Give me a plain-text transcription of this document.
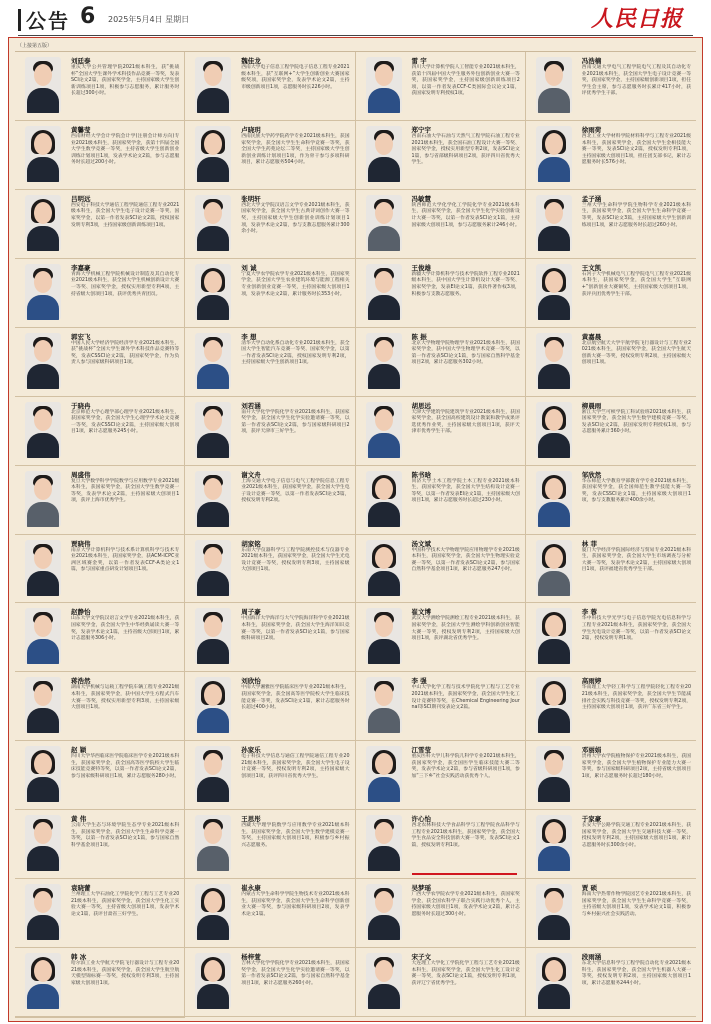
公告 6 2025年5月4日 星期日	人民日报
（上接第五版）
刘廷泰
重庆大学公共管理学院2021级本科生，获“挑战杯”全国大学生课外学术科技作品竞赛一等奖，发表SCI论文2篇，获国家奖学金，主持国家级大学生创新训练项目1项，积极参与志愿服务，累计服务时长超过300小时。
魏佳龙
西南大学电子信息工程学院电子信息工程专业2021级本科生，获“互联网+”大学生创新创业大赛国家级奖项，获国家奖学金，发表学术论文2篇，主持市级创新项目1项，志愿服务时长226小时。
雷 宇
四川大学计算机学院人工智能专业2021级本科生，获第十四届中国大学生服务外包创新创业大赛一等奖，获国家奖学金，主持国家级创新训练项目2项，以第一作者发表CCF-C类国际会议论文1篇，获国家发明专利授权1项。
冯浩楠
西南交通大学电气工程学院电气工程及其自动化专业2021级本科生，获全国大学生电子设计竞赛一等奖，获国家奖学金，主持国家级创新项目1项，担任学生会主席，参与志愿服务时长累计417小时，获评优秀学生干部。
黄馨莹
西南财经大学会计学院会计学(注册会计师方向)专业2021级本科生，获国家奖学金，获第十四届全国大学生数学竞赛一等奖，主持省级大学生创新创业训练计划项目1项，发表学术论文2篇，参与志愿服务时长超过200小时。
卢晓玥
西南民族大学药学院药学专业2021级本科生，获国家奖学金，获全国大学生生命科学竞赛一等奖，获全国大学生药苑论坛二等奖，主持国家级大学生创新创业训练计划项目1项，作为骨干参与多项科研项目，累计志愿服务504小时。
郑宁宇
西南石油大学石油与天然气工程学院石油工程专业2021级本科生，获全国石油工程设计大赛一等奖、国家奖学金，授权实用新型专利2项，发表SCI论文1篇，参与省部级科研项目2项，获评四川省优秀大学生。
徐雨荷
西北工业大学材料学院材料科学与工程专业2021级本科生，获国家奖学金，获全国大学生金相技能大赛一等奖，发表SCI论文2篇，授权发明专利1项，主持国家级大创项目1项，担任团支部书记，累计志愿服务时长576小时。
吕明远
西安电子科技大学通信工程学院通信工程专业2021级本科生，获全国大学生电子设计竞赛一等奖、国家奖学金，以第一作者发表SCI论文2篇，授权国家发明专利3项，主持国家级创新训练项目1项。
张明轩
西北大学文学院汉语言文学专业2021级本科生，获国家奖学金，获全国大学生古典诗词创作大赛一等奖，主持国家级大学生创新创业训练计划项目1项，发表学术论文2篇，参与支教志愿服务累计300余小时。
冯敏慧
陕西师范大学化学化工学院化学专业2021级本科生，获国家奖学金，获全国大学生化学实验创新设计大赛一等奖，以第一作者发表SCI论文1篇，主持国家级大创项目1项，参与志愿服务累计246小时。
孟子涵
兰州大学生命科学学院生物科学专业2021级本科生，获国家奖学金，获全国大学生生命科学竞赛一等奖，发表SCI论文3篇，主持国家级大学生创新训练项目1项，累计志愿服务时长超过260小时。
李嘉豪
青海大学机械工程学院机械设计制造及其自动化专业2021级本科生，获全国大学生机械创新设计大赛一等奖、国家奖学金，授权实用新型专利4项，主持省级大创项目1项，获评优秀共青团员。
刘 诚
宁夏大学农学院农学专业2021级本科生，获国家奖学金，获全国大学生农业建筑环境与能源工程相关专业创新创业竞赛一等奖，主持国家级大创项目1项，发表学术论文2篇，累计服务时长353小时。
王俊雄
新疆大学计算机科学与技术学院软件工程专业2021级本科生，获中国大学生计算机设计大赛一等奖、国家奖学金，发表EI论文1篇，获软件著作权3项，积极参与支教志愿服务。
王文凯
石河子大学机械电气工程学院电气工程专业2021级本科生，获国家奖学金，获全国大学生“互联网+”创新创业大赛铜奖，主持国家级大创项目1项，获评兵团优秀学生干部。
郭宏飞
中国人民大学经济学院经济学专业2021级本科生，获“挑战杯”全国大学生课外学术科技作品竞赛特等奖，发表CSSCI论文2篇，获国家奖学金，作为负责人参与国家级科研项目1项。
李 想
清华大学自动化系自动化专业2021级本科生，获全国大学生智能汽车竞赛一等奖、国家奖学金，以第一作者发表SCI论文2篇，授权国家发明专利2项，主持国家级大学生创新项目1项。
陈 振
北京大学物理学院物理学专业2021级本科生，获国家奖学金，获中国大学生物理学术竞赛一等奖，以第一作者发表SCI论文1篇，参与国家自然科学基金项目2项，累计志愿服务302小时。
黄嘉晨
北京航空航天大学宇航学院飞行器设计与工程专业2021级本科生，获国家奖学金，获全国大学生航天创新大赛一等奖，授权发明专利2项，主持国家级大创项目1项。
于晓冉
北京师范大学心理学部心理学专业2021级本科生，获国家奖学金，获全国大学生心理学学术论文竞赛一等奖，发表CSSCI论文2篇，主持国家级大创项目1项，累计志愿服务245小时。
刘若涵
南开大学化学学院化学专业2021级本科生，获国家奖学金，获全国大学生化学实验邀请赛一等奖，以第一作者发表SCI论文2篇，参与国家级科研项目2项，获评天津市三好学生。
胡思远
天津大学建筑学院建筑学专业2021级本科生，获国家奖学金，获全国高校建筑设计教案和教学成果评选优秀作业奖，主持国家级大创项目1项，获评天津市优秀学生干部。
柳晨雨
浙江大学竺可桢学院工科试验班2021级本科生，获国家奖学金，获全国大学生数学建模竞赛一等奖，发表SCI论文2篇，获国家发明专利授权1项，参与志愿服务累计360小时。
周盛伟
复旦大学数学科学学院数学与应用数学专业2021级本科生，获国家奖学金，获全国大学生数学竞赛一等奖，发表学术论文2篇，主持国家级大创项目1项，获评上海市优秀学生。
谢文舟
上海交通大学电子信息与电气工程学院信息工程专业2021级本科生，获国家奖学金，获全国大学生电子设计竞赛一等奖，以第一作者发表SCI论文3篇，授权发明专利2项。
陈书晗
同济大学土木工程学院土木工程专业2021级本科生，获国家奖学金，获全国大学生结构设计竞赛一等奖，以第一作者发表EI论文1篇，主持国家级大创项目1项，累计志愿服务时长超过230小时。
邹欣然
华东师范大学教育学部教育学专业2021级本科生，获国家奖学金，获全国师范生教学技能大赛一等奖，发表CSSCI论文1篇，主持国家级大创项目1项，参与支教服务累计400余小时。
贾晓伟
南京大学计算机科学与技术系计算机科学与技术专业2021级本科生，获国家奖学金，获ACM-ICPC亚洲区域赛金奖，以第一作者发表CCF-A类论文1篇，参与国家重点研发计划项目1项。
胡家铭
东南大学仪器科学与工程学院测控技术与仪器专业2021级本科生，获国家奖学金，获全国大学生光电设计竞赛一等奖，授权发明专利3项，主持国家级大创项目1项。
汤文斌
中国科学技术大学物理学院应用物理学专业2021级本科生，获国家奖学金，获全国大学生物理实验竞赛一等奖，以第一作者发表SCI论文2篇，参与国家自然科学基金项目1项，累计志愿服务247小时。
林 菲
厦门大学经济学院国际经济与贸易专业2021级本科生，获国家奖学金，获全国大学生市场调查与分析大赛一等奖，发表学术论文2篇，主持国家级大创项目1项，获评福建省优秀学生干部。
赵静怡
山东大学文学院汉语言文学专业2021级本科生，获国家奖学金，获全国大学生中华经典诵读大赛一等奖，发表学术论文1篇，主持省级大创项目1项，累计志愿服务306小时。
周子豪
中国海洋大学海洋与大气学院海洋科学专业2021级本科生，获国家奖学金，获全国大学生海洋知识竞赛一等奖，以第一作者发表SCI论文1篇，参与国家级科研项目2项。
崔文博
武汉大学测绘学院测绘工程专业2021级本科生，获国家奖学金，获全国大学生测绘学科创新创业智能大赛一等奖，授权发明专利2项，主持国家级大创项目1项，获评湖北省优秀学生。
李 蓉
华中科技大学光学与电子信息学院光电信息科学与工程专业2021级本科生，获国家奖学金，获全国大学生光电设计竞赛一等奖，以第一作者发表SCI论文2篇，授权发明专利1项。
蒋浩然
湖南大学机械与运载工程学院车辆工程专业2021级本科生，获国家奖学金，获中国大学生方程式汽车大赛一等奖，授权实用新型专利3项，主持国家级大创项目1项。
刘欣怡
中南大学湘雅医学院临床医学专业2021级本科生，获国家奖学金，获全国高等医学院校大学生临床技能竞赛一等奖，发表SCI论文1篇，累计志愿服务时长超过400小时。
李 强
中山大学化学工程与技术学院化学工程与工艺专业2021级本科生，获国家奖学金，获全国大学生化工设计竞赛特等奖，在Chemical Engineering Journal等SCI期刊发表论文2篇。
高雨婷
华南理工大学轻工科学与工程学院轻化工程专业2021级本科生，获国家奖学金，获全国大学生节能减排社会实践与科技竞赛一等奖，授权发明专利2项，主持国家级大创项目1项，获评广东省三好学生。
赵 颖
四川大学华西临床医学院临床医学专业2021级本科生，获国家奖学金，获全国高等医学院校大学生临床技能竞赛特等奖，以第一作者发表SCI论文2篇，参与国家级科研项目1项，累计志愿服务280小时。
孙家乐
电子科技大学信息与通信工程学院通信工程专业2021级本科生，获国家奖学金，获全国大学生电子设计竞赛一等奖，授权发明专利2项，主持国家级大创项目1项，获评四川省优秀大学生。
江雪莹
重庆医科大学儿科学院儿科学专业2021级本科生，获国家奖学金，获全国医学生临床技能大赛二等奖，发表学术论文2篇，参与省级科研项目1项，参加“三下乡”社会实践活动获优秀个人。
邓丽娟
贵州大学农学院植物保护专业2021级本科生，获国家奖学金，获全国大学生植物保护专业能力大赛一等奖，参与国家级科研项目2项，主持省级大创项目1项，累计志愿服务时长超过180小时。
黄 伟
云南大学生态与环境学院生态学专业2021级本科生，获国家奖学金，获全国大学生生命科学竞赛一等奖，以第一作者发表SCI论文1篇，参与国家自然科学基金项目1项。
王思彤
西藏大学理学院数学与应用数学专业2021级本科生，获国家奖学金，获全国大学生数学建模竞赛一等奖，主持国家级大创项目1项，积极参与乡村振兴志愿服务。
许心怡
西北农林科技大学食品科学与工程学院食品科学与工程专业2021级本科生，获国家奖学金，获全国大学生食品安全科技创新大赛一等奖，发表SCI论文1篇，授权发明专利1项。
于家豪
长安大学公路学院交通工程专业2021级本科生，获国家奖学金，获全国大学生交通科技大赛一等奖，授权发明专利2项，主持国家级大创项目1项，累计志愿服务时长300余小时。
袁晓蕾
兰州理工大学石油化工学院化学工程与工艺专业2021级本科生，获国家奖学金，获全国大学生化工实验大赛一等奖，主持省级大创项目1项，发表学术论文1篇，获评甘肃省三好学生。
崔永康
内蒙古大学生命科学学院生物技术专业2021级本科生，获国家奖学金，获全国大学生生命科学创新创业大赛一等奖，参与国家级科研项目2项，发表学术论文1篇。
吴梦瑶
广西大学农学院农学专业2021级本科生，获国家奖学金，获全国农科学子联合实践行动优秀个人，主持国家级大创项目1项，发表学术论文2篇，累计志愿服务时长超过300小时。
贾 硕
海南大学热带作物学院园艺专业2021级本科生，获国家奖学金，获全国大学生生命科学竞赛一等奖，主持省级大创项目1项，发表学术论文1篇，积极参与乡村振兴社会实践活动。
韩 冰
哈尔滨工业大学航天学院飞行器设计与工程专业2021级本科生，获国家奖学金，获全国大学生航空航天模型锦标赛一等奖，授权发明专利3项，主持国家级大创项目1项。
杨梓萱
吉林大学化学学院化学专业2021级本科生，获国家奖学金，获全国大学生化学实验邀请赛一等奖，以第一作者发表SCI论文2篇，参与国家自然科学基金项目1项，累计志愿服务260小时。
宋子文
大连理工大学化工学院化学工程与工艺专业2021级本科生，获国家奖学金，获全国大学生化工设计竞赛一等奖，发表SCI论文1篇，授权发明专利1项，获评辽宁省优秀学生。
段雨涵
东北大学信息科学与工程学院自动化专业2021级本科生，获国家奖学金，获全国大学生机器人大赛一等奖，授权发明专利2项，主持国家级大创项目1项，累计志愿服务244小时。
